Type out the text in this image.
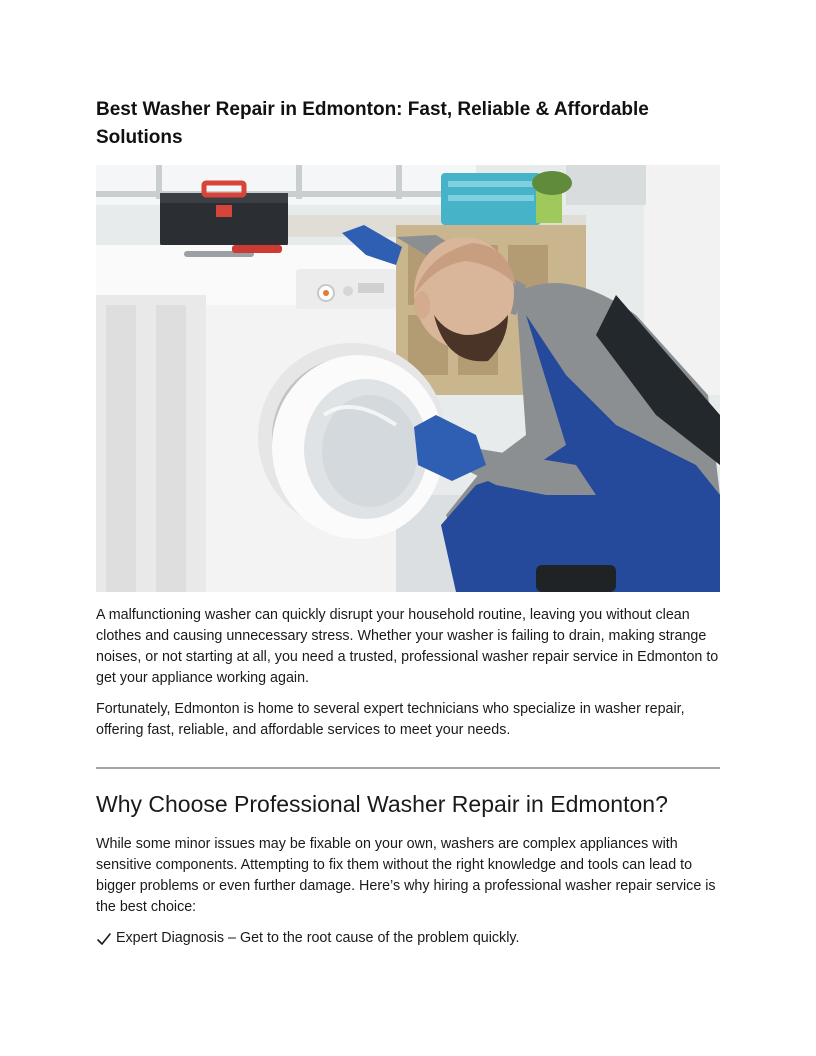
Best Washer Repair in Edmonton: Fast, Reliable & Affordable Solutions

A malfunctioning washer can quickly disrupt your household routine, leaving you without clean clothes and causing unnecessary stress. Whether your washer is failing to drain, making strange noises, or not starting at all, you need a trusted, professional washer repair service in Edmonton to get your appliance working again.

Fortunately, Edmonton is home to several expert technicians who specialize in washer repair, offering fast, reliable, and affordable services to meet your needs.

Why Choose Professional Washer Repair in Edmonton?

While some minor issues may be fixable on your own, washers are complex appliances with sensitive components. Attempting to fix them without the right knowledge and tools can lead to bigger problems or even further damage. Here’s why hiring a professional washer repair service is the best choice:

Expert Diagnosis – Get to the root cause of the problem quickly.
